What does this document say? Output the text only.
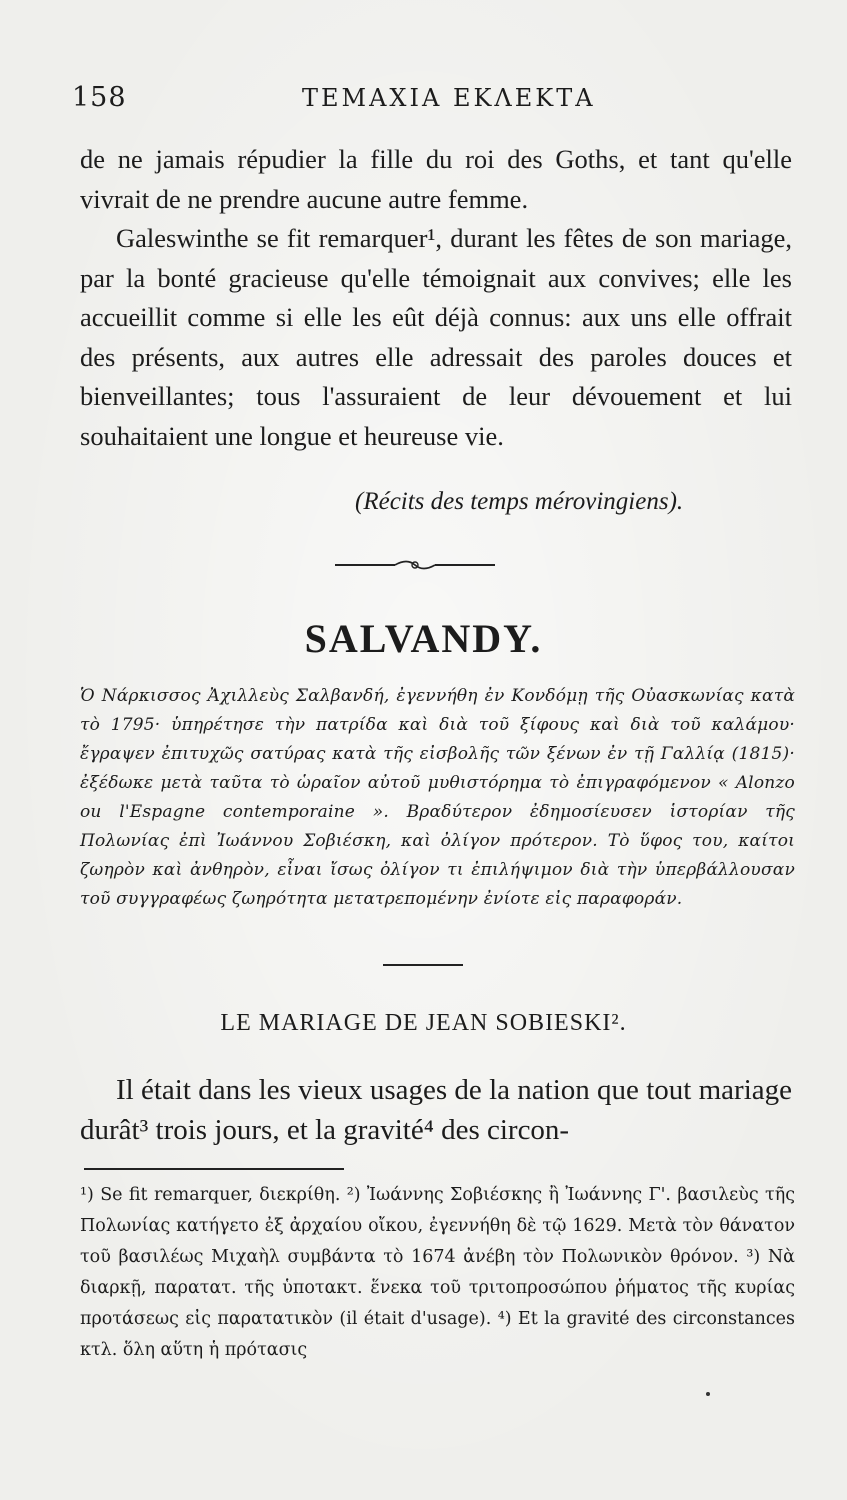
158	ΤΕΜΑΧΙΑ ΕΚΛΕΚΤΑ

de ne jamais répudier la fille du roi des Goths, et tant qu'elle vivrait de ne prendre aucune autre femme.

Galeswinthe se fit remarquer¹, durant les fêtes de son mariage, par la bonté gracieuse qu'elle témoignait aux convives; elle les accueillit comme si elle les eût déjà connus: aux uns elle offrait des présents, aux autres elle adressait des paroles douces et bienveillantes; tous l'assuraient de leur dévouement et lui souhaitaient une longue et heureuse vie.

(Récits des temps mérovingiens).
SALVANDY.

Ὁ Νάρκισσος Ἀχιλλεὺς Σαλβανδή, ἐγεννήθη ἐν Κονδόμῃ τῆς Οὐασκωνίας κατὰ τὸ 1795· ὑπηρέτησε τὴν πατρίδα καὶ διὰ τοῦ ξίφους καὶ διὰ τοῦ καλάμου· ἔγραψεν ἐπιτυχῶς σατύρας κατὰ τῆς εἰσβολῆς τῶν ξένων ἐν τῇ Γαλλίᾳ (1815)· ἐξέδωκε μετὰ ταῦτα τὸ ὡραῖον αὐτοῦ μυθιστόρημα τὸ ἐπιγραφόμενον « Alonzo ou l'Espagne contemporaine ». Βραδύτερον ἐδημοσίευσεν ἱστορίαν τῆς Πολωνίας ἐπὶ Ἰωάννου Σοβιέσκη, καὶ ὀλίγον πρότερον. Τὸ ὕφος του, καίτοι ζωηρὸν καὶ ἀνθηρὸν, εἶναι ἴσως ὀλίγον τι ἐπιλήψιμον διὰ τὴν ὑπερβάλλουσαν τοῦ συγγραφέως ζωηρότητα μετατρεπομένην ἐνίοτε εἰς παραφοράν.

LE MARIAGE DE JEAN SOBIESKI².

Il était dans les vieux usages de la nation que tout mariage durât³ trois jours, et la gravité⁴ des circon-

¹) Se fit remarquer, διεκρίθη. ²) Ἰωάννης Σοβιέσκης ἢ Ἰωάννης Γ'. βασιλεὺς τῆς Πολωνίας κατήγετο ἐξ ἀρχαίου οἴκου, ἐγεννήθη δὲ τῷ 1629. Μετὰ τὸν θάνατον τοῦ βασιλέως Μιχαὴλ συμβάντα τὸ 1674 ἀνέβη τὸν Πολωνικὸν θρόνον. ³) Νὰ διαρκῇ, παρατατ. τῆς ὑποτακτ. ἕνεκα τοῦ τριτοπροσώπου ῥήματος τῆς κυρίας προτάσεως εἰς παρατατικὸν (il était d'usage). ⁴) Et la gravité des circonstances κτλ. ὅλη αὕτη ἡ πρότασις
